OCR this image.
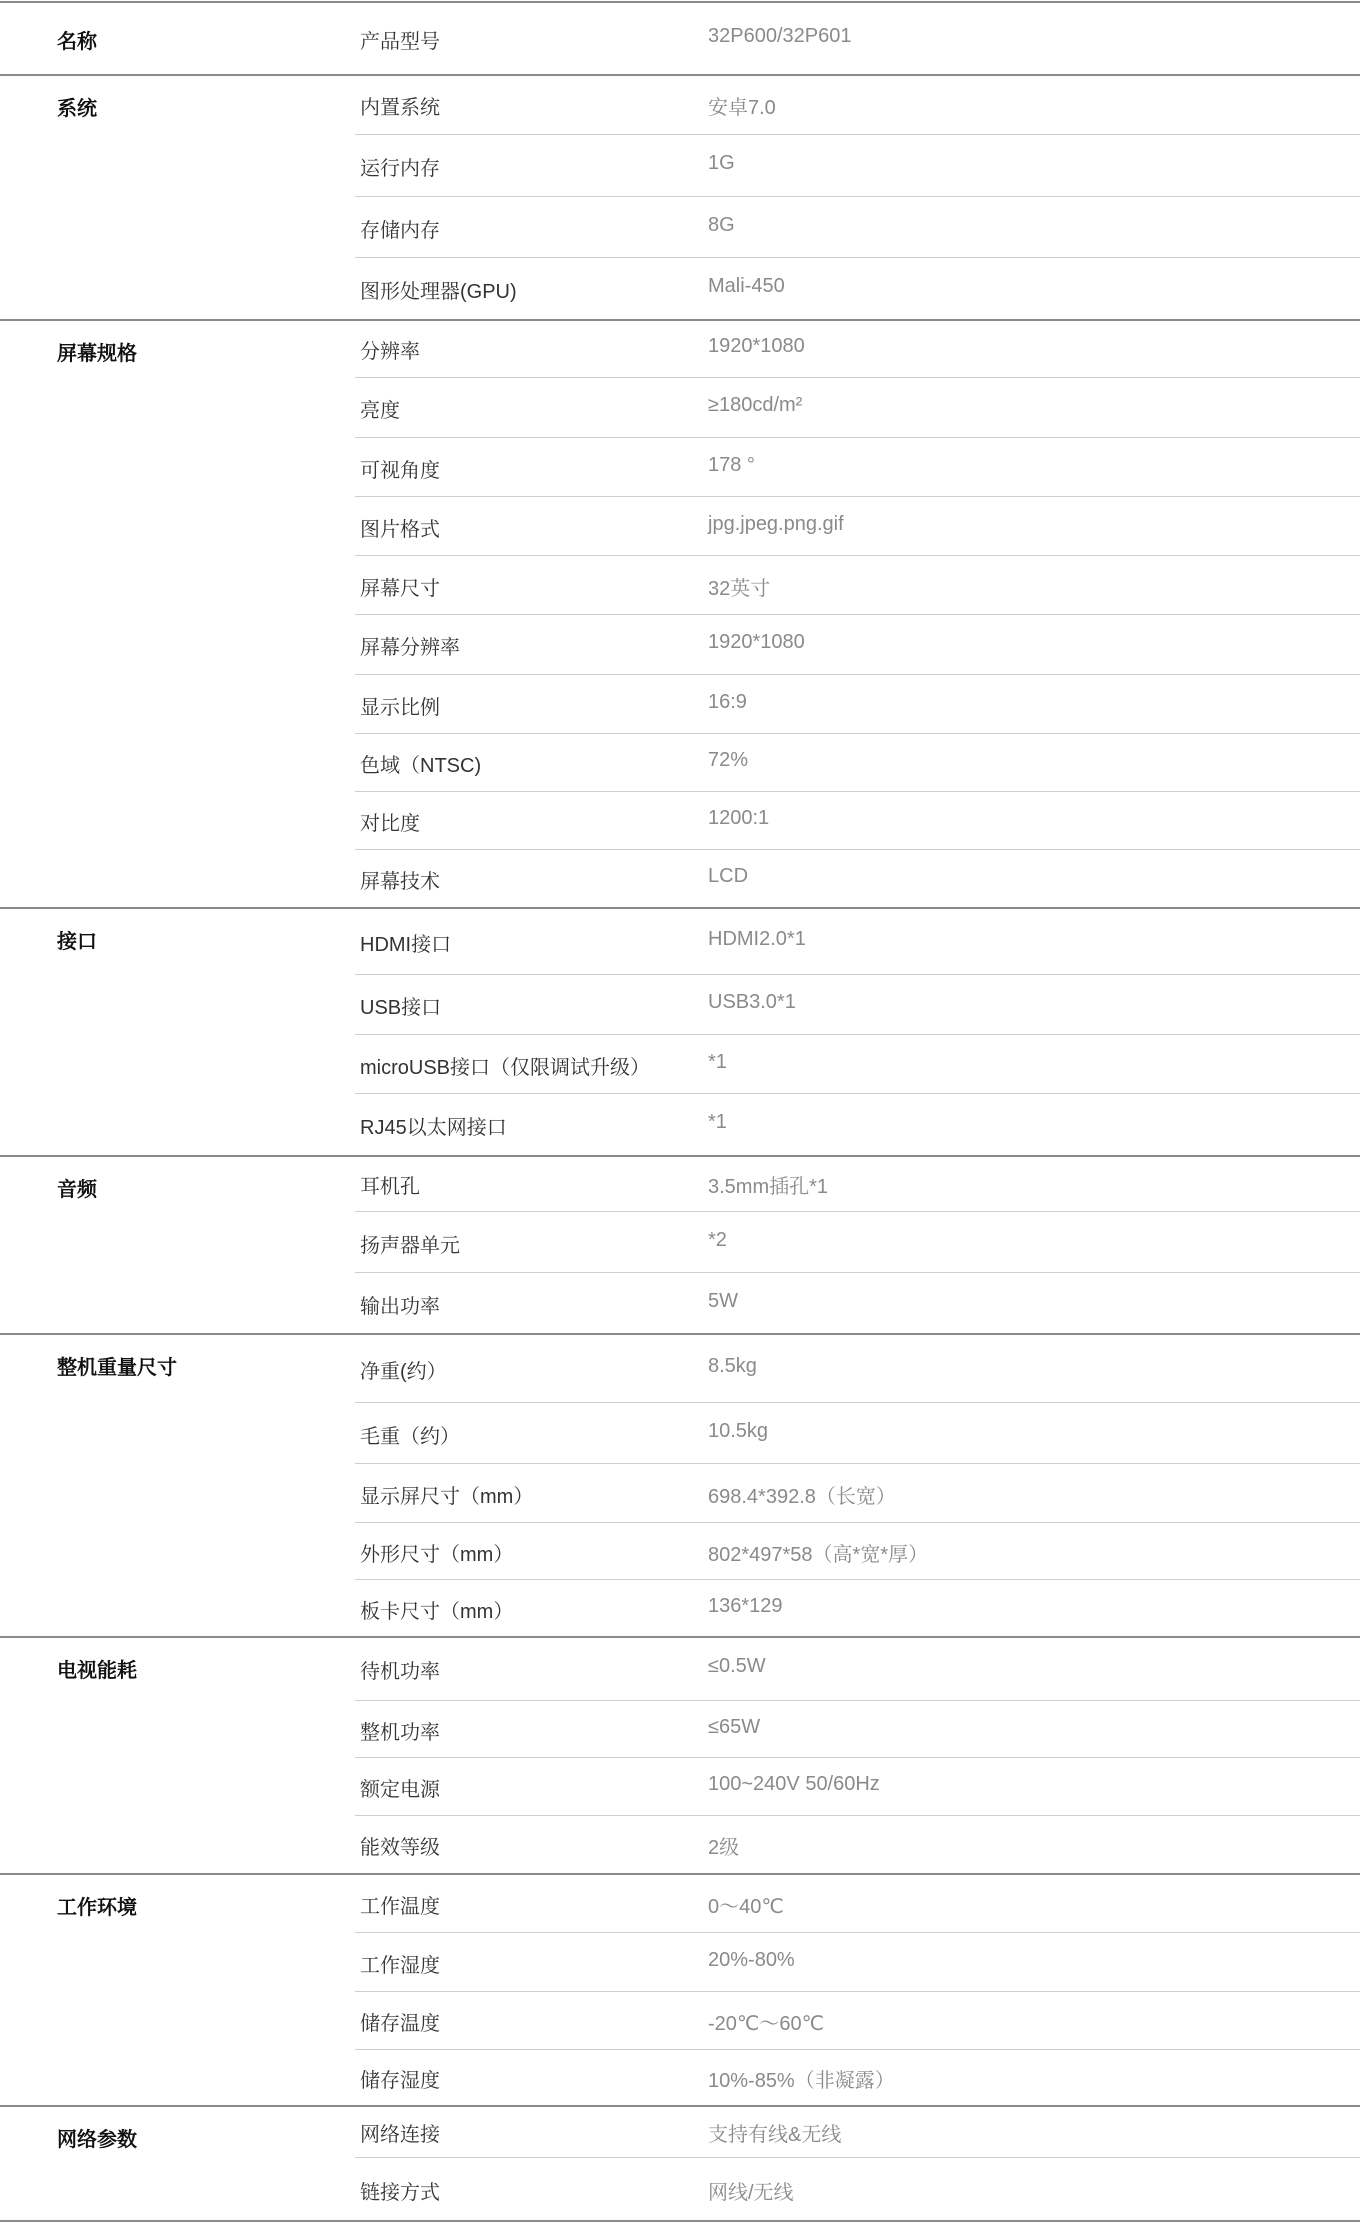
名称	产品型号	32P600/32P601
系统	内置系统	安卓7.0
运行内存	1G
存储内存	8G
图形处理器(GPU)	Mali-450
屏幕规格	分辨率	1920*1080
亮度	≥180cd/m²
可视角度	178 °
图片格式	jpg.jpeg.png.gif
屏幕尺寸	32英寸
屏幕分辨率	1920*1080
显示比例	16:9
色域（NTSC)	72%
对比度	1200:1
屏幕技术	LCD
接口	HDMI接口	HDMI2.0*1
USB接口	USB3.0*1
microUSB接口（仅限调试升级）	*1
RJ45以太网接口	*1
音频	耳机孔	3.5mm插孔*1
扬声器单元	*2
输出功率	5W
整机重量尺寸	净重(约）	8.5kg
毛重（约）	10.5kg
显示屏尺寸（mm）	698.4*392.8（长宽）
外形尺寸（mm）	802*497*58（高*宽*厚）
板卡尺寸（mm）	136*129
电视能耗	待机功率	≤0.5W
整机功率	≤65W
额定电源	100~240V 50/60Hz
能效等级	2级
工作环境	工作温度	0～40℃
工作湿度	20%-80%
储存温度	-20℃～60℃
储存湿度	10%-85%（非凝露）
网络参数	网络连接	支持有线&无线
链接方式	网线/无线
